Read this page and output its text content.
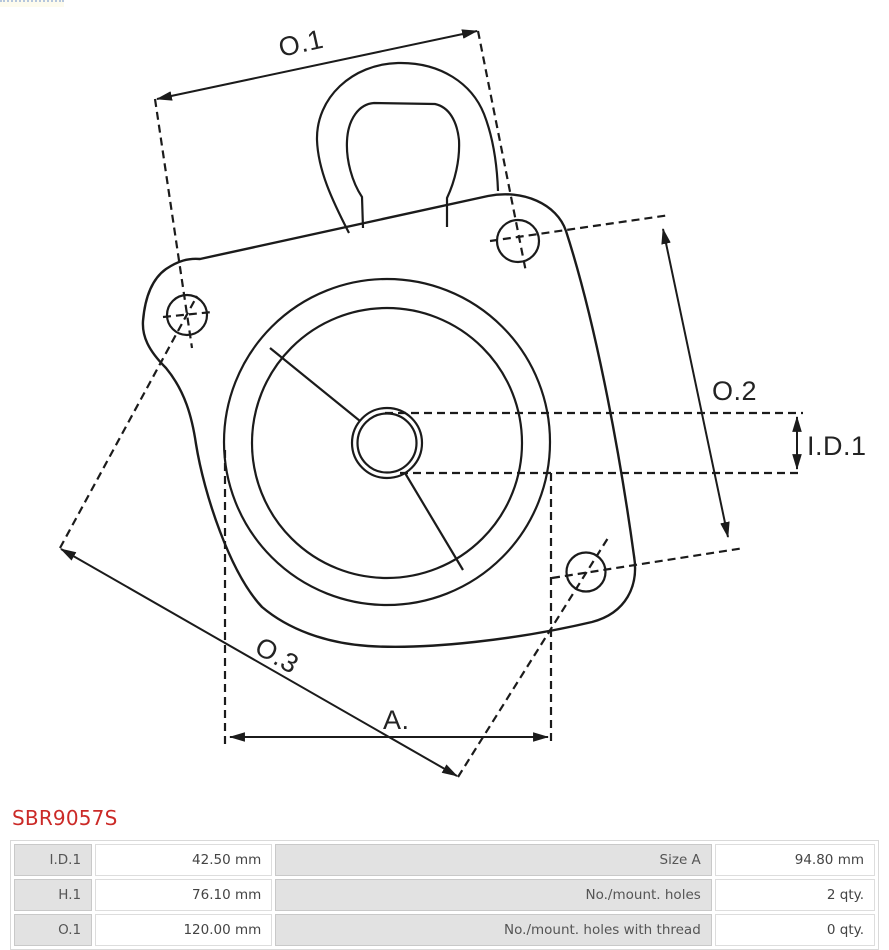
O.1
O.2
I.D.1
O.3
A.
SBR9057S
I.D.1	42.50 mm	Size A	94.80 mm
H.1	76.10 mm	No./mount. holes	2 qty.
O.1	120.00 mm	No./mount. holes with thread	0 qty.
